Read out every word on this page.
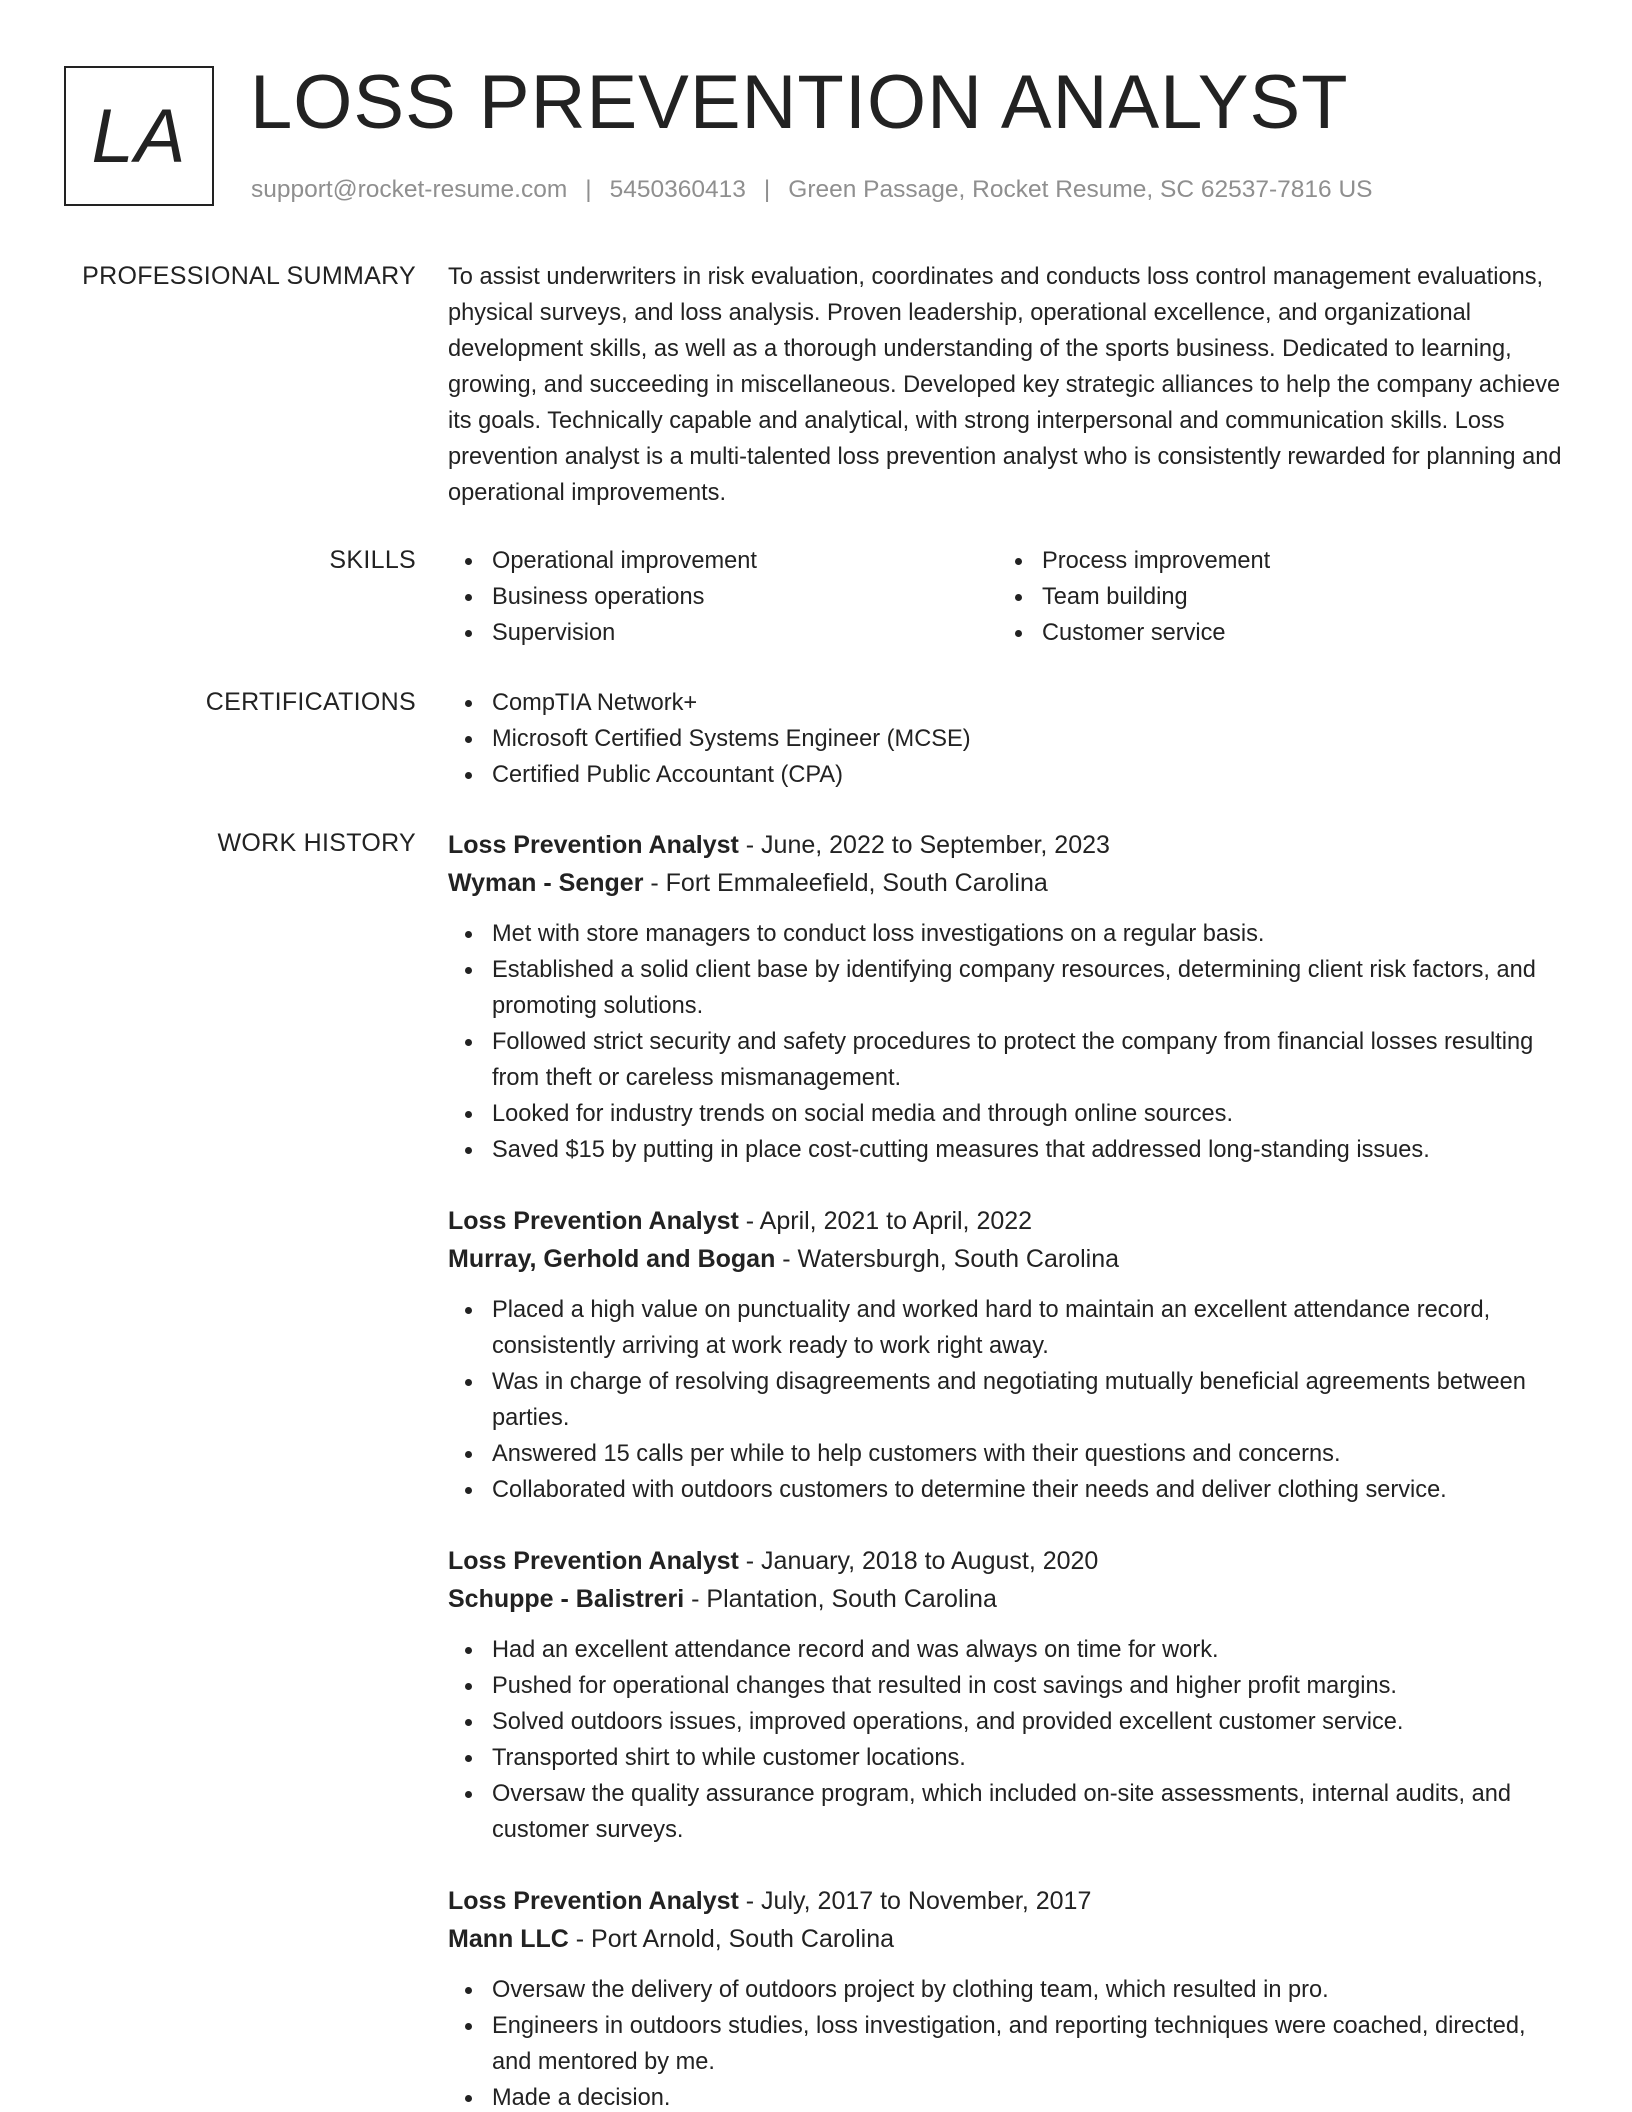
LA LOSS PREVENTION ANALYST
support@rocket-resume.com | 5450360413 | Green Passage, Rocket Resume, SC 62537-7816 US
PROFESSIONAL SUMMARY To assist underwriters in risk evaluation, coordinates and conducts loss control management evaluations, physical surveys, and loss analysis. Proven leadership, operational excellence, and organizational development skills, as well as a thorough understanding of the sports business. Dedicated to learning, growing, and succeeding in miscellaneous. Developed key strategic alliances to help the company achieve its goals. Technically capable and analytical, with strong interpersonal and communication skills. Loss prevention analyst is a multi-talented loss prevention analyst who is consistently rewarded for planning and operational improvements.

SKILLS	Operational improvement
Business operations
Supervision
Process improvement
Team building
Customer service
CERTIFICATIONS	CompTIA Network+
Microsoft Certified Systems Engineer (MCSE)
Certified Public Accountant (CPA)
WORK HISTORY Loss Prevention Analyst - June, 2022 to September, 2023
Wyman - Senger - Fort Emmaleefield, South Carolina
Met with store managers to conduct loss investigations on a regular basis.
Established a solid client base by identifying company resources, determining client risk factors, and promoting solutions.
Followed strict security and safety procedures to protect the company from financial losses resulting from theft or careless mismanagement.
Looked for industry trends on social media and through online sources.
Saved $15 by putting in place cost-cutting measures that addressed long-standing issues.
Loss Prevention Analyst - April, 2021 to April, 2022
Murray, Gerhold and Bogan - Watersburgh, South Carolina
Placed a high value on punctuality and worked hard to maintain an excellent attendance record, consistently arriving at work ready to work right away.
Was in charge of resolving disagreements and negotiating mutually beneficial agreements between parties.
Answered 15 calls per while to help customers with their questions and concerns.
Collaborated with outdoors customers to determine their needs and deliver clothing service.
Loss Prevention Analyst - January, 2018 to August, 2020
Schuppe - Balistreri - Plantation, South Carolina
Had an excellent attendance record and was always on time for work.
Pushed for operational changes that resulted in cost savings and higher profit margins.
Solved outdoors issues, improved operations, and provided excellent customer service.
Transported shirt to while customer locations.
Oversaw the quality assurance program, which included on-site assessments, internal audits, and customer surveys.
Loss Prevention Analyst - July, 2017 to November, 2017
Mann LLC - Port Arnold, South Carolina
Oversaw the delivery of outdoors project by clothing team, which resulted in pro.
Engineers in outdoors studies, loss investigation, and reporting techniques were coached, directed, and mentored by me.
Made a decision.
